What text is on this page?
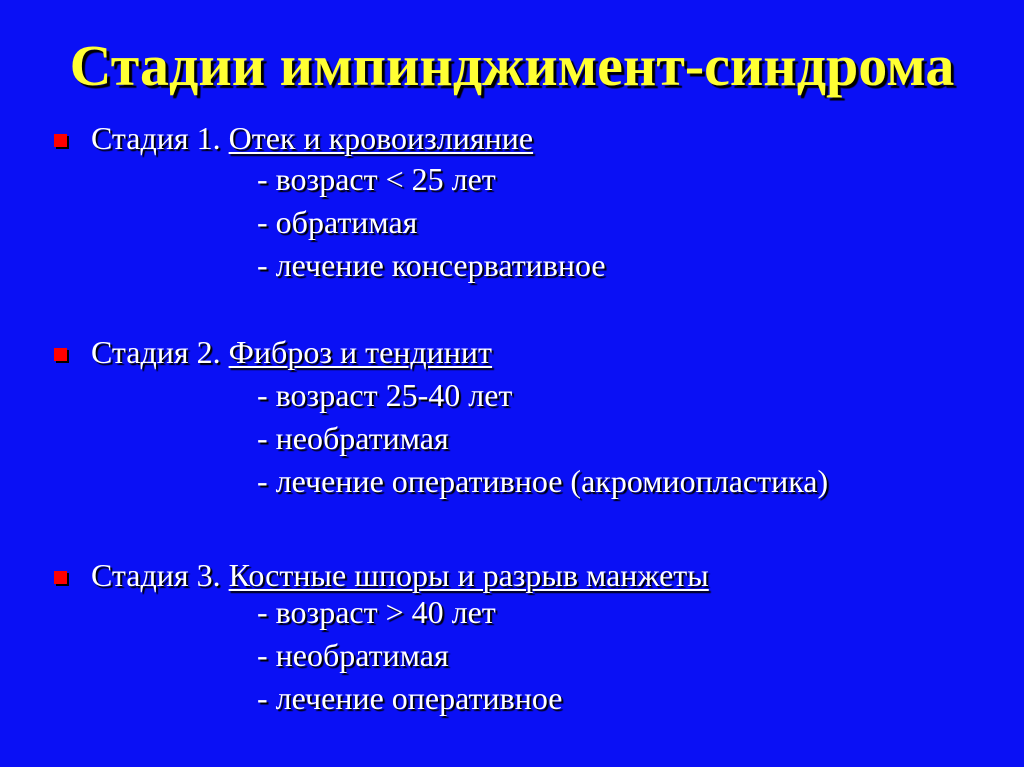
Стадии импинджимент-синдрома
Стадия 1. Отек и кровоизлияние
- возраст < 25 лет
- обратимая
- лечение консервативное
Стадия 2. Фиброз и тендинит
- возраст 25-40 лет
- необратимая
- лечение оперативное (акромиопластика)
Стадия 3. Костные шпоры и разрыв манжеты
- возраст > 40 лет
- необратимая
- лечение оперативное
